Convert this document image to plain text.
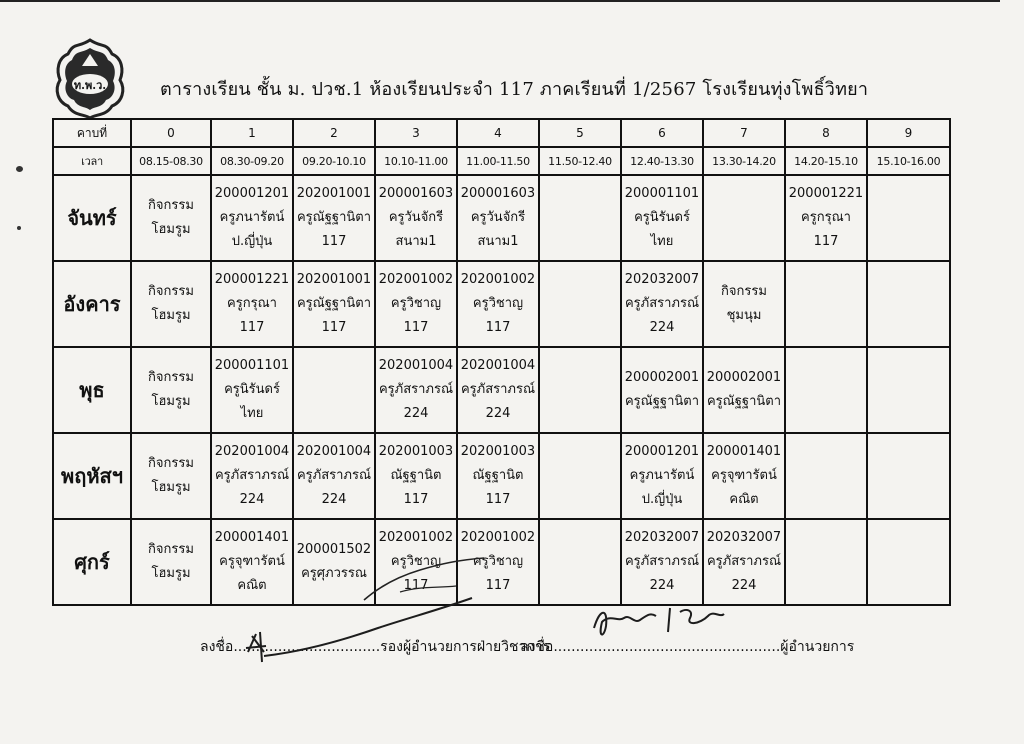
ท.พ.ว.	ตารางเรียน ชั้น ม. ปวช.1 ห้องเรียนประจำ 117 ภาคเรียนที่ 1/2567 โรงเรียนทุ่งโพธิ์วิทยา
คาบที่	0	1	2	3	4	5	6	7	8	9
เวลา	08.15-08.30	08.30-09.20	09.20-10.10	10.10-11.00	11.00-11.50	11.50-12.40	12.40-13.30	13.30-14.20	14.20-15.10	15.10-16.00
จันทร์	กิจกรรม
โฮมรูม	200001201
ครูภนารัตน์
ป.ญี่ปุ่น	202001001
ครูณัฐฐานิตา
117	200001603
ครูวันจักรี
สนาม1	200001603
ครูวันจักรี
สนาม1		200001101
ครูนิรันดร์
ไทย		200001221
ครูกรุณา
117	

อังคาร	กิจกรรม
โฮมรูม	200001221
ครูกรุณา
117	202001001
ครูณัฐฐานิตา
117	202001002
ครูวิชาญ
117	202001002
ครูวิชาญ
117		202032007
ครูภัสราภรณ์
224	กิจกรรม
ชุมนุม		

พุธ	กิจกรรม
โฮมรูม	200001101
ครูนิรันดร์
ไทย		202001004
ครูภัสราภรณ์
224	202001004
ครูภัสราภรณ์
224		200002001
ครูณัฐฐานิตา	200002001
ครูณัฐฐานิตา		

พฤหัสฯ	กิจกรรม
โฮมรูม	202001004
ครูภัสราภรณ์
224	202001004
ครูภัสราภรณ์
224	202001003
ณัฐฐานิต
117	202001003
ณัฐฐานิต
117		200001201
ครูภนารัตน์
ป.ญี่ปุ่น	200001401
ครูจุฑารัตน์
คณิต		

ศุกร์	กิจกรรม
โฮมรูม	200001401
ครูจุฑารัตน์
คณิต	200001502
ครูศุภวรรณ	202001002
ครูวิชาญ
117	202001002
ครูวิชาญ
117		202032007
ครูภัสราภรณ์
224	202032007
ครูภัสราภรณ์
224		

ลงชื่อ.................................รองผู้อำนวยการฝ่ายวิชาการ
ลงชื่อ...................................................ผู้อำนวยการ
